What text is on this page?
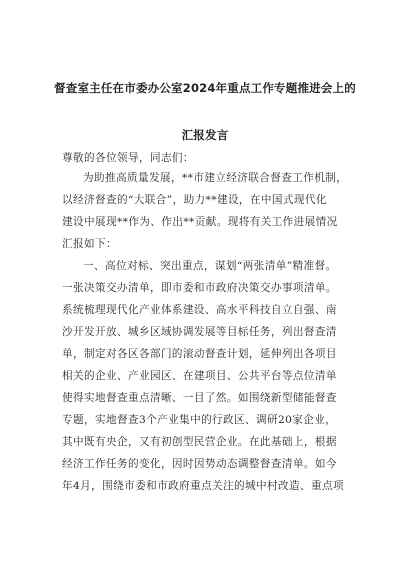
督查室主任在市委办公室2024年重点工作专题推进会上的
汇报发言
尊敬的各位领导，同志们：
为助推高质量发展，**市建立经济联合督查工作机制，
以经济督查的“大联合”，助力**建设，在中国式现代化
建设中展现**作为、作出**贡献。现将有关工作进展情况
汇报如下：
一、高位对标、突出重点，谋划“两张清单”精准督。
一张决策交办清单，即市委和市政府决策交办事项清单。
系统梳理现代化产业体系建设、高水平科技自立自强、南
沙开发开放、城乡区域协调发展等目标任务，列出督查清
单，制定对各区各部门的滚动督查计划，延伸列出各项目
相关的企业、产业园区、在建项目、公共平台等点位清单
使得实地督查重点清晰、一目了然。如围绕新型储能督查
专题，实地督查3个产业集中的行政区、调研20家企业，
其中既有央企，又有初创型民营企业。在此基础上，根据
经济工作任务的变化，因时因势动态调整督查清单。如今
年4月，围绕市委和市政府重点关注的城中村改造、重点项
